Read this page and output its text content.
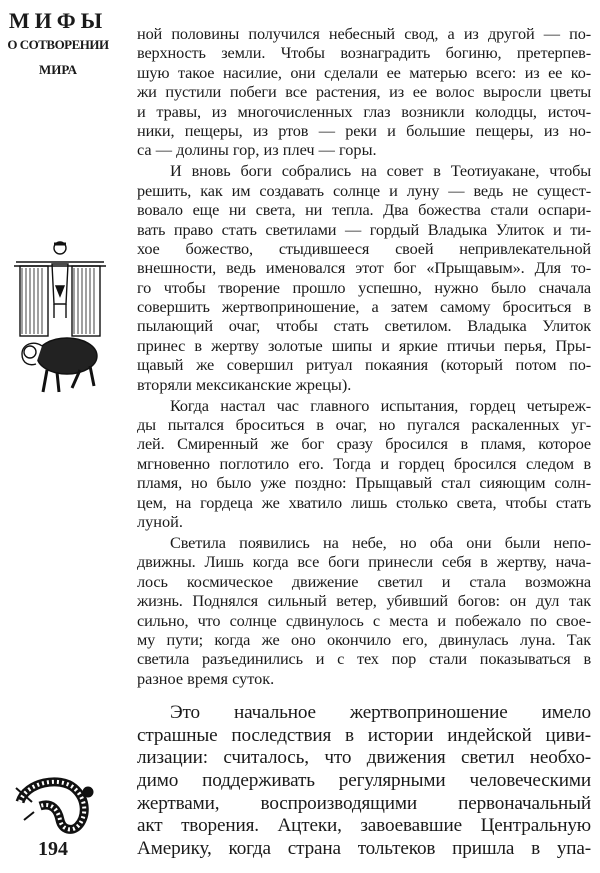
МИФЫ
О СОТВОРЕНИИ
МИРА
ной половины получился небесный свод, а из другой — по-
верхность земли. Чтобы вознаградить богиню, претерпев-
шую такое насилие, они сделали ее матерью всего: из ее ко-
жи пустили побеги все растения, из ее волос выросли цветы
и травы, из многочисленных глаз возникли колодцы, источ-
ники, пещеры, из ртов — реки и большие пещеры, из но-
са — долины гор, из плеч — горы.
И вновь боги собрались на совет в Теотиуакане, чтобы
решить, как им создавать солнце и луну — ведь не сущест-
вовало еще ни света, ни тепла. Два божества стали оспари-
вать право стать светилами — гордый Владыка Улиток и ти-
хое божество, стыдившееся своей непривлекательной
внешности, ведь именовался этот бог «Прыщавым». Для то-
го чтобы творение прошло успешно, нужно было сначала
совершить жертвоприношение, а затем самому броситься в
пылающий очаг, чтобы стать светилом. Владыка Улиток
принес в жертву золотые шипы и яркие птичьи перья, Пры-
щавый же совершил ритуал покаяния (который потом по-
вторяли мексиканские жрецы).
Когда настал час главного испытания, гордец четыреж-
ды пытался броситься в очаг, но пугался раскаленных уг-
лей. Смиренный же бог сразу бросился в пламя, которое
мгновенно поглотило его. Тогда и гордец бросился следом в
пламя, но было уже поздно: Прыщавый стал сияющим солн-
цем, на гордеца же хватило лишь столько света, чтобы стать
луной.
Светила появились на небе, но оба они были непо-
движны. Лишь когда все боги принесли себя в жертву, нача-
лось космическое движение светил и стала возможна
жизнь. Поднялся сильный ветер, убивший богов: он дул так
сильно, что солнце сдвинулось с места и побежало по свое-
му пути; когда же оно окончило его, двинулась луна. Так
светила разъединились и с тех пор стали показываться в
разное время суток.
Это начальное жертвоприношение имело
страшные последствия в истории индейской циви-
лизации: считалось, что движения светил необхо-
димо поддерживать регулярными человеческими
жертвами, воспроизводящими первоначальный
акт творения. Ацтеки, завоевавшие Центральную
Америку, когда страна тольтеков пришла в упа-
194
